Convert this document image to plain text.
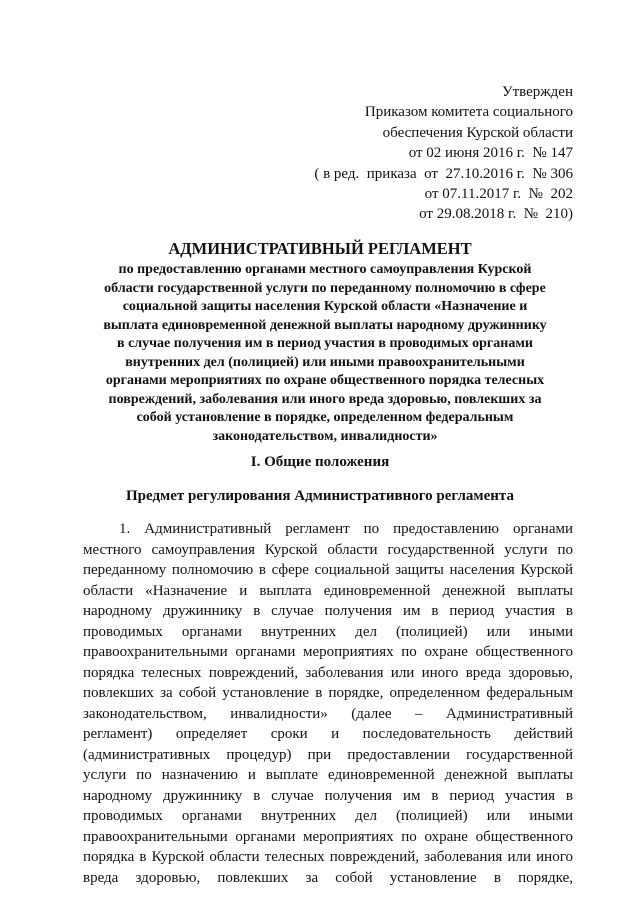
Утвержден
Приказом комитета социального
обеспечения Курской области
от 02 июня 2016 г.  № 147
( в ред.  приказа  от  27.10.2016 г.  № 306
от 07.11.2017 г.  №  202
от 29.08.2018 г.  №  210)
АДМИНИСТРАТИВНЫЙ РЕГЛАМЕНТ
по предоставлению органами местного самоуправления Курской
области государственной услуги по переданному полномочию в сфере
социальной защиты населения Курской области «Назначение и
выплата единовременной денежной выплаты народному дружиннику
в случае получения им в период участия в проводимых органами
внутренних дел (полицией) или иными правоохранительными
органами мероприятиях по охране общественного порядка телесных
повреждений, заболевания или иного вреда здоровью, повлекших за
собой установление в порядке, определенном федеральным
законодательством, инвалидности»
I. Общие положения
Предмет регулирования Административного регламента
1. Административный регламент по предоставлению органами
местного самоуправления Курской области государственной услуги по
переданному полномочию в сфере социальной защиты населения Курской
области «Назначение и выплата единовременной денежной выплаты
народному дружиннику в случае получения им в период участия в
проводимых органами внутренних дел (полицией) или иными
правоохранительными органами мероприятиях по охране общественного
порядка телесных повреждений, заболевания или иного вреда здоровью,
повлекших за собой установление в порядке, определенном федеральным
законодательством, инвалидности» (далее – Административный
регламент) определяет сроки и последовательность действий
(административных процедур) при предоставлении государственной
услуги по назначению и выплате единовременной денежной выплаты
народному дружиннику в случае получения им в период участия в
проводимых органами внутренних дел (полицией) или иными
правоохранительными органами мероприятиях по охране общественного
порядка в Курской области телесных повреждений, заболевания или иного
вреда здоровью, повлекших за собой установление в порядке,
